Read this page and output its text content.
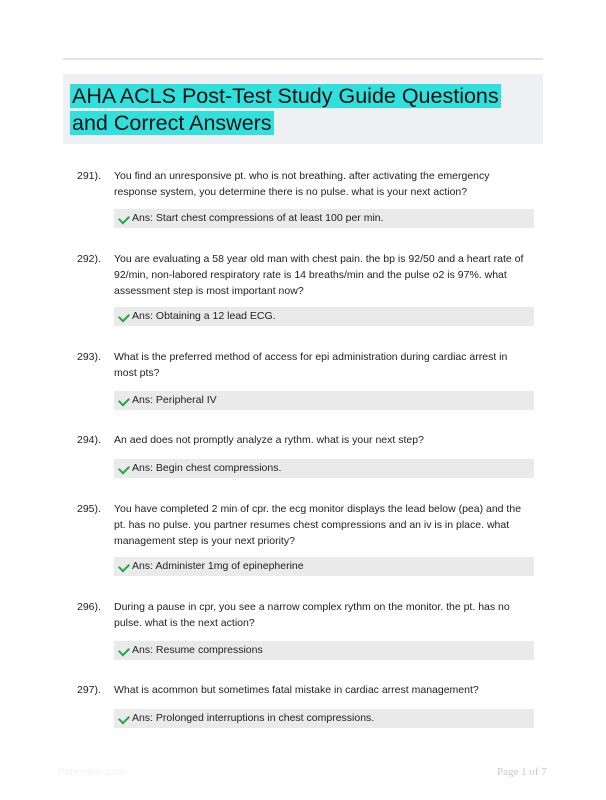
AHA ACLS Post-Test Study Guide Questions and Correct Answers
291). You find an unresponsive pt. who is not breathing. after activating the emergency response system, you determine there is no pulse. what is your next action?
Ans: Start chest compressions of at least 100 per min.
292). You are evaluating a 58 year old man with chest pain. the bp is 92/50 and a heart rate of 92/min, non-labored respiratory rate is 14 breaths/min and the pulse o2 is 97%. what assessment step is most important now?
Ans: Obtaining a 12 lead ECG.
293). What is the preferred method of access for epi administration during cardiac arrest in most pts?
Ans: Peripheral IV
294). An aed does not promptly analyze a rythm. what is your next step?
Ans: Begin chest compressions.
295). You have completed 2 min of cpr. the ecg monitor displays the lead below (pea) and the pt. has no pulse. you partner resumes chest compressions and an iv is in place. what management step is your next priority?
Ans: Administer 1mg of epinepherine
296). During a pause in cpr, you see a narrow complex rythm on the monitor. the pt. has no pulse. what is the next action?
Ans: Resume compressions
297). What is acommon but sometimes fatal mistake in cardiac arrest management?
Ans: Prolonged interruptions in chest compressions.
Paperdhie.com	Page 1 of 7
